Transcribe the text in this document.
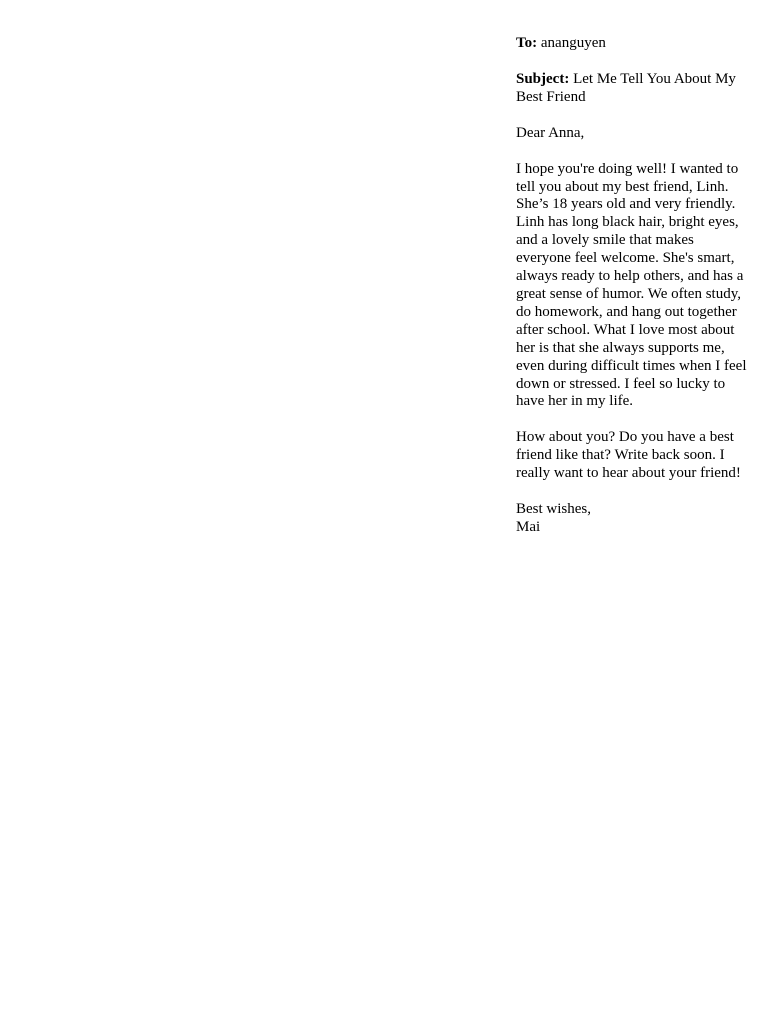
To: ananguyen
Subject: Let Me Tell You About My Best Friend

Dear Anna,

I hope you're doing well! I wanted to tell you about my best friend, Linh. She’s 18 years old and very friendly. Linh has long black hair, bright eyes, and a lovely smile that makes everyone feel welcome. She's smart, always ready to help others, and has a great sense of humor. We often study, do homework, and hang out together after school. What I love most about her is that she always supports me, even during difficult times when I feel down or stressed. I feel so lucky to have her in my life.

How about you? Do you have a best friend like that? Write back soon. I really want to hear about your friend!

Best wishes,
Mai
